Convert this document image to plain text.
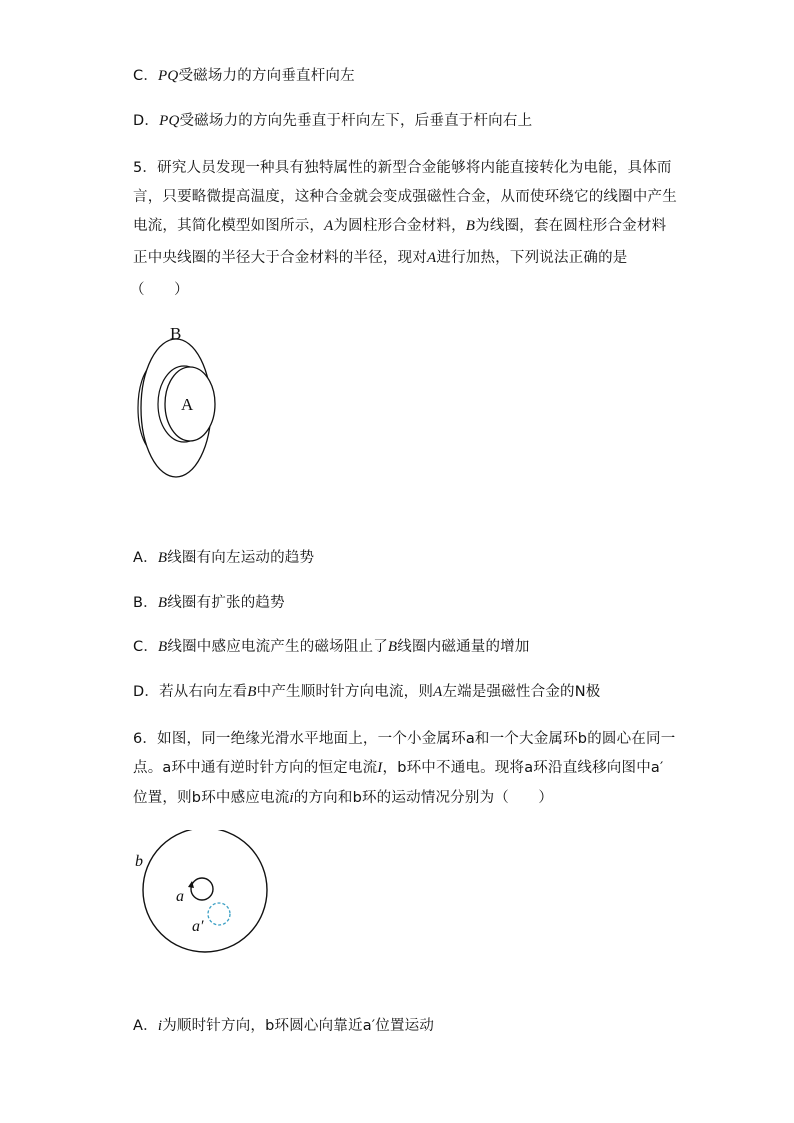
C．PQ受磁场力的方向垂直杆向左
D．PQ受磁场力的方向先垂直于杆向左下，后垂直于杆向右上
5．研究人员发现一种具有独特属性的新型合金能够将内能直接转化为电能，具体而
言，只要略微提高温度，这种合金就会变成强磁性合金，从而使环绕它的线圈中产生
电流，其简化模型如图所示，A为圆柱形合金材料，B为线圈，套在圆柱形合金材料
正中央线圈的半径大于合金材料的半径，现对A进行加热，下列说法正确的是
（　　）
B
A
A．B线圈有向左运动的趋势
B．B线圈有扩张的趋势
C．B线圈中感应电流产生的磁场阻止了B线圈内磁通量的增加
D．若从右向左看B中产生顺时针方向电流，则A左端是强磁性合金的N极
6．如图，同一绝缘光滑水平地面上，一个小金属环a和一个大金属环b的圆心在同一
点。a环中通有逆时针方向的恒定电流I，b环中不通电。现将a环沿直线移向图中a′
位置，则b环中感应电流i的方向和b环的运动情况分别为（　　）
b
a
a′
A．i为顺时针方向，b环圆心向靠近a′位置运动
